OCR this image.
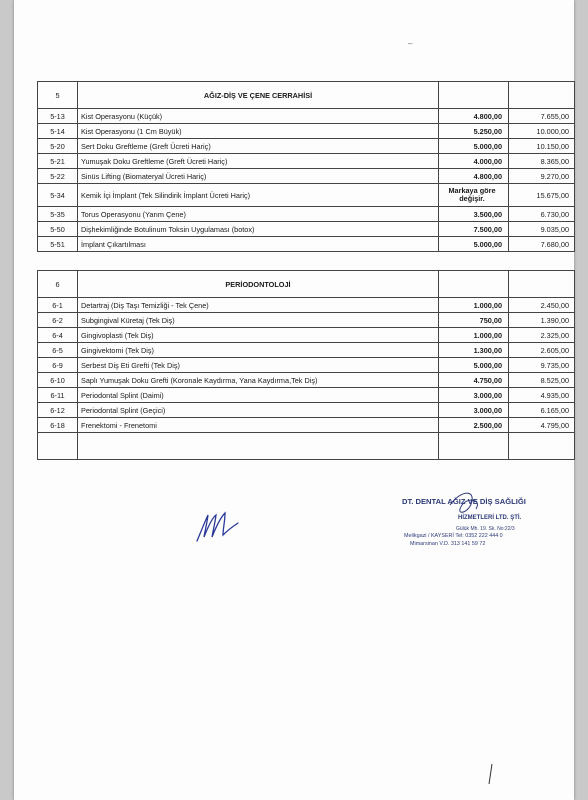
–
5	AĞIZ-DİŞ VE ÇENE CERRAHİSİ		
5-13	Kist Operasyonu (Küçük)	4.800,00	7.655,00
5-14	Kist Operasyonu (1 Cm Büyük)	5.250,00	10.000,00
5-20	Sert Doku Greftleme (Greft Ücreti Hariç)	5.000,00	10.150,00
5-21	Yumuşak Doku Greftleme (Greft Ücreti Hariç)	4.000,00	8.365,00
5-22	Sinüs Lifting (Biomateryal Ücreti Hariç)	4.800,00	9.270,00
5-34	Kemik İçi İmplant (Tek Silindirik İmplant Ücreti Hariç)	Markaya göre değişir.	15.675,00
5-35	Torus Operasyonu (Yarım Çene)	3.500,00	6.730,00
5-50	Dişhekimliğinde Botulinum Toksin Uygulaması (botox)	7.500,00	9.035,00
5-51	İmplant Çıkartılması	5.000,00	7.680,00
6	PERİODONTOLOJİ		
6-1	Detartraj (Diş Taşı Temizliği - Tek Çene)	1.000,00	2.450,00
6-2	Subgingival Küretaj (Tek Diş)	750,00	1.390,00
6-4	Gingivoplasti (Tek Diş)	1.000,00	2.325,00
6-5	Gingivektomi (Tek Diş)	1.300,00	2.605,00
6-9	Serbest Diş Eti Grefti (Tek Diş)	5.000,00	9.735,00
6-10	Saplı Yumuşak Doku Grefti (Koronale Kaydırma, Yana Kaydırma,Tek Diş)	4.750,00	8.525,00
6-11	Periodontal Splint (Daimi)	3.000,00	4.935,00
6-12	Periodontal Splint (Geçici)	3.000,00	6.165,00
6-18	Frenektomi - Frenetomi	2.500,00	4.795,00

DT. DENTAL AĞIZ VE DİŞ SAĞLIĞI
HİZMETLERİ LTD. ŞTİ.
Gülük Mh. 19. Sk. No:22/3
Melikgazi / KAYSERİ Tel: 0352 222 444 0
Mimarsinan V.D. 313 141 59 72
